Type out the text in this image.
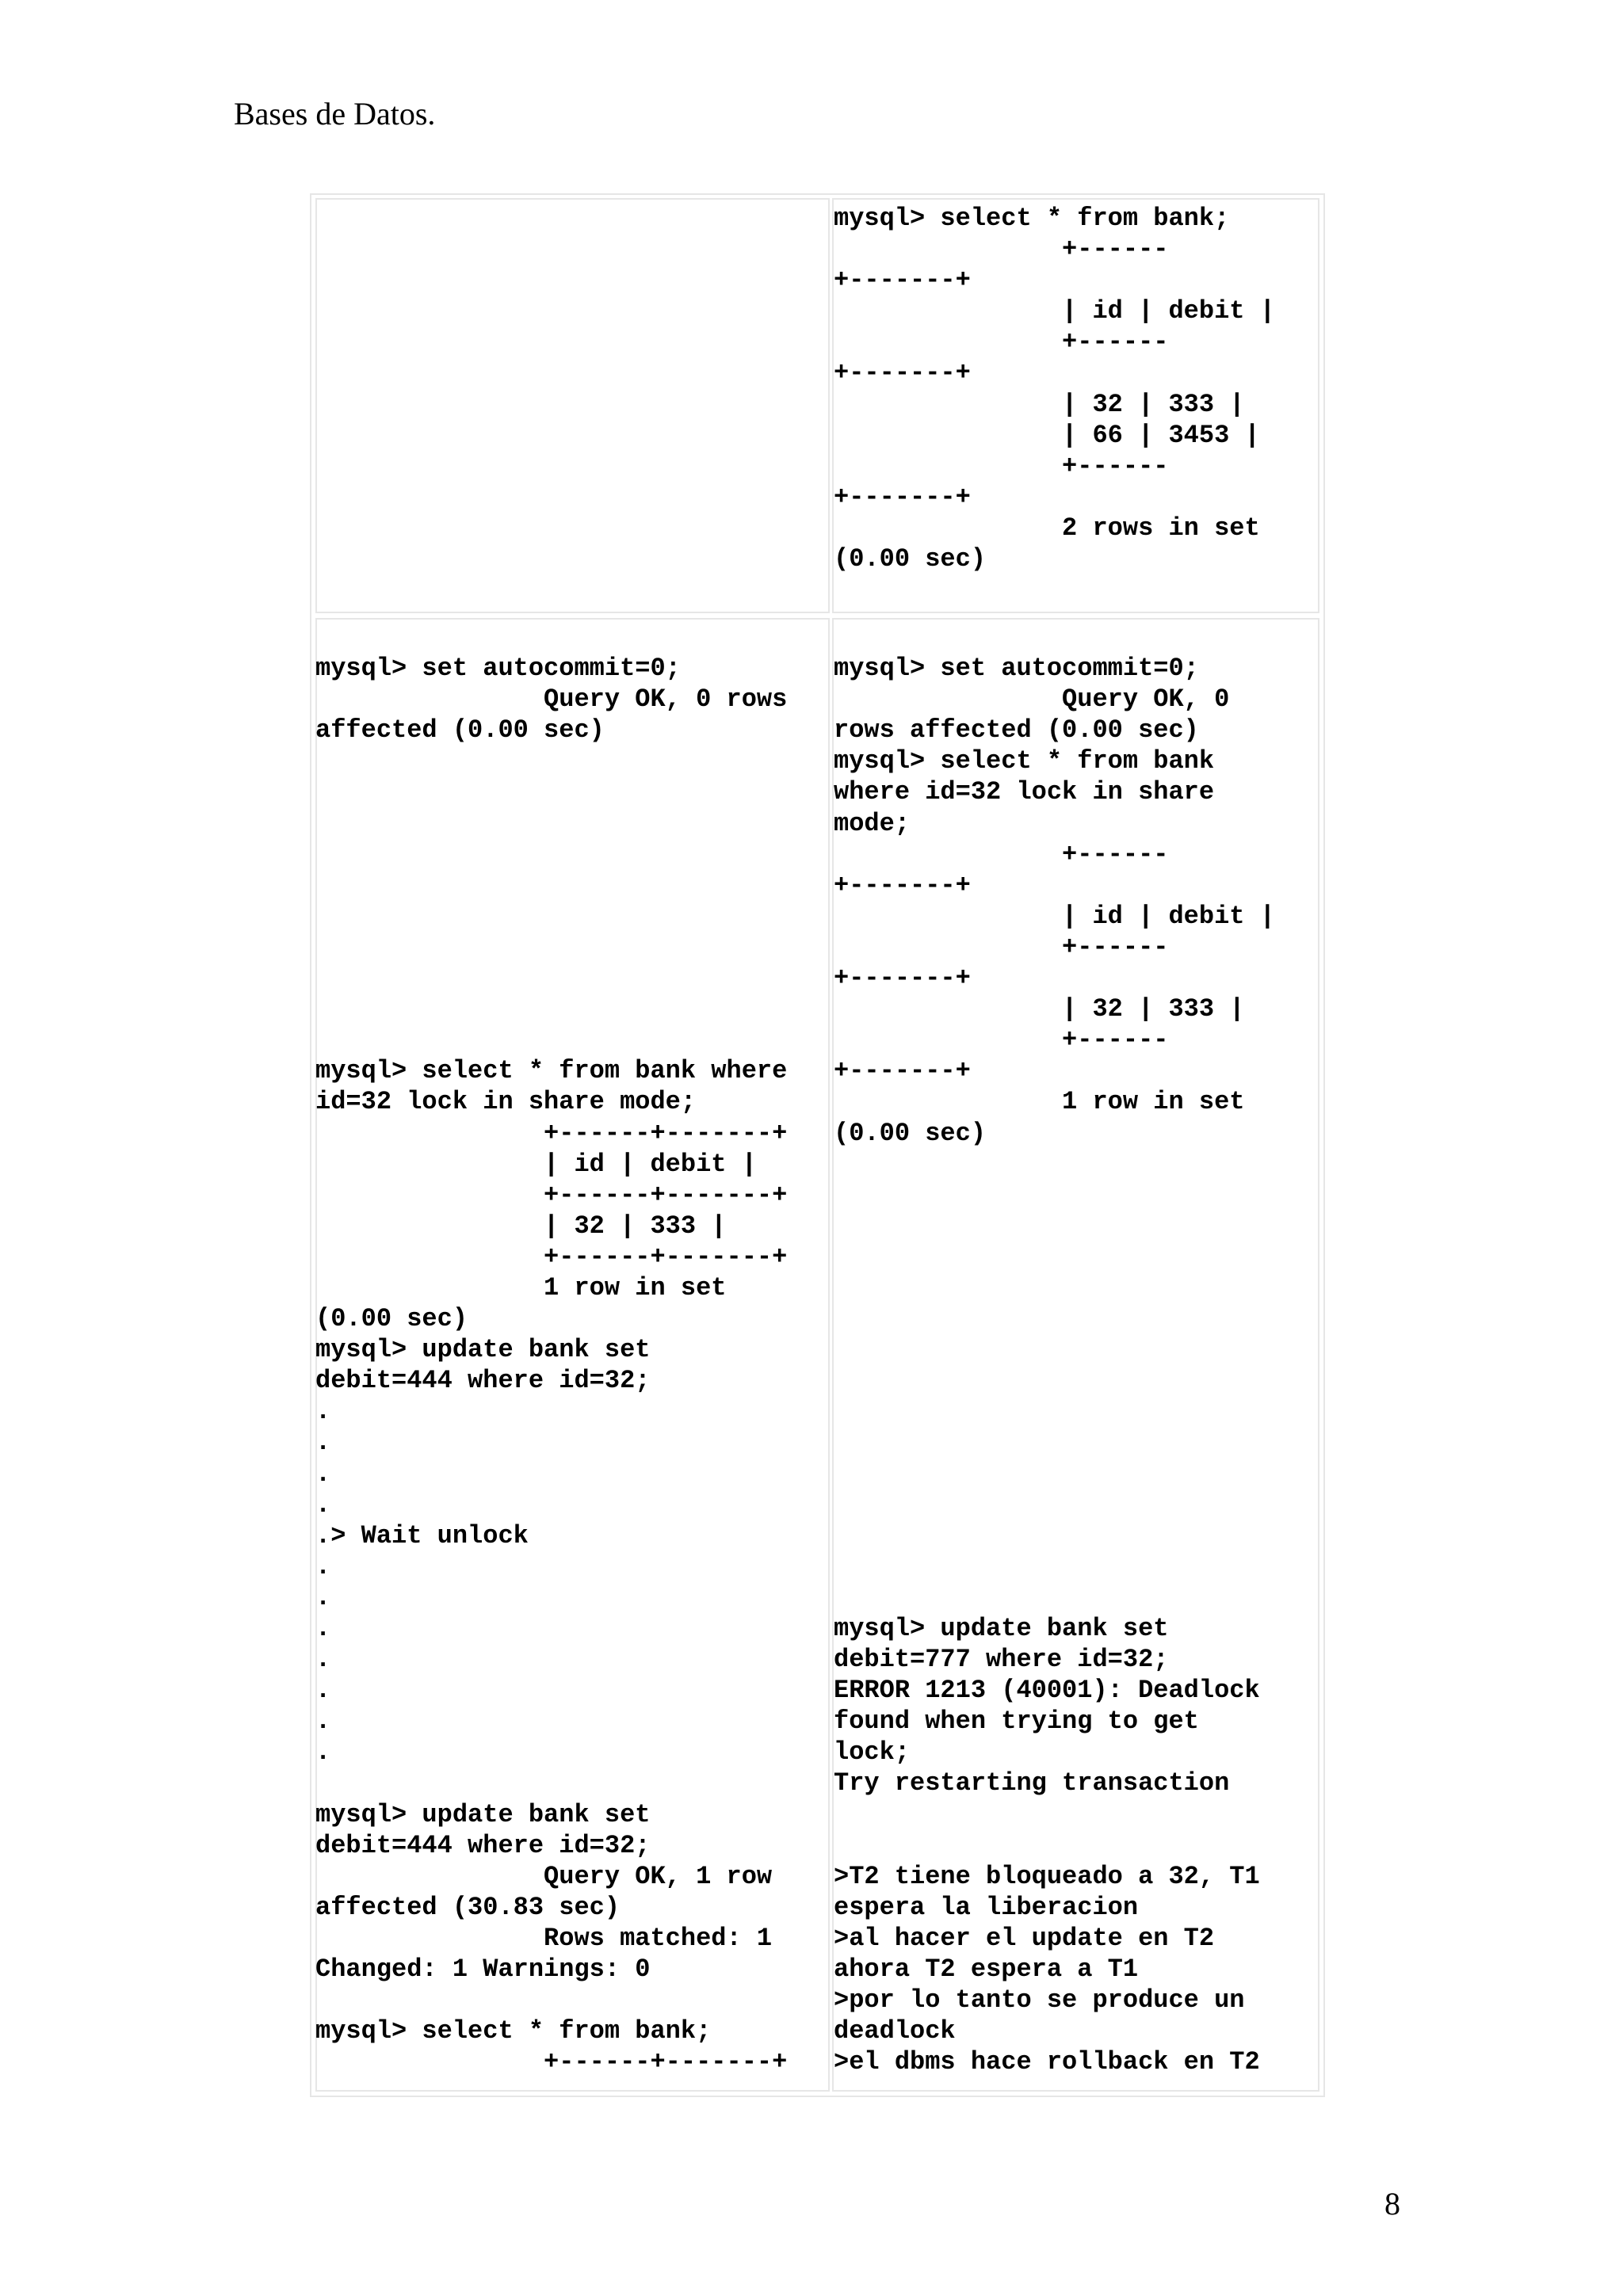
Bases de Datos.
mysql> select * from bank;
+------
+-------+
| id | debit |
+------
+-------+
| 32 | 333 |
| 66 | 3453 |
+------
+-------+
2 rows in set
(0.00 sec)

mysql> set autocommit=0;
Query OK, 0 rows
affected (0.00 sec)

mysql> select * from bank where
id=32 lock in share mode;
+------+-------+
| id | debit |
+------+-------+
| 32 | 333 |
+------+-------+
1 row in set
(0.00 sec)
mysql> update bank set
debit=444 where id=32;
.
.
.
.
.> Wait unlock
.
.
.
.
.
.
.

mysql> update bank set
debit=444 where id=32;
Query OK, 1 row
affected (30.83 sec)
Rows matched: 1
Changed: 1 Warnings: 0

mysql> select * from bank;
+------+-------+

mysql> set autocommit=0;
Query OK, 0
rows affected (0.00 sec)
mysql> select * from bank
where id=32 lock in share
mode;
+------
+-------+
| id | debit |
+------
+-------+
| 32 | 333 |
+------
+-------+
1 row in set
(0.00 sec)

mysql> update bank set
debit=777 where id=32;
ERROR 1213 (40001): Deadlock
found when trying to get
lock;
Try restarting transaction

>T2 tiene bloqueado a 32, T1
espera la liberacion
>al hacer el update en T2
ahora T2 espera a T1
>por lo tanto se produce un
deadlock
>el dbms hace rollback en T2
8
